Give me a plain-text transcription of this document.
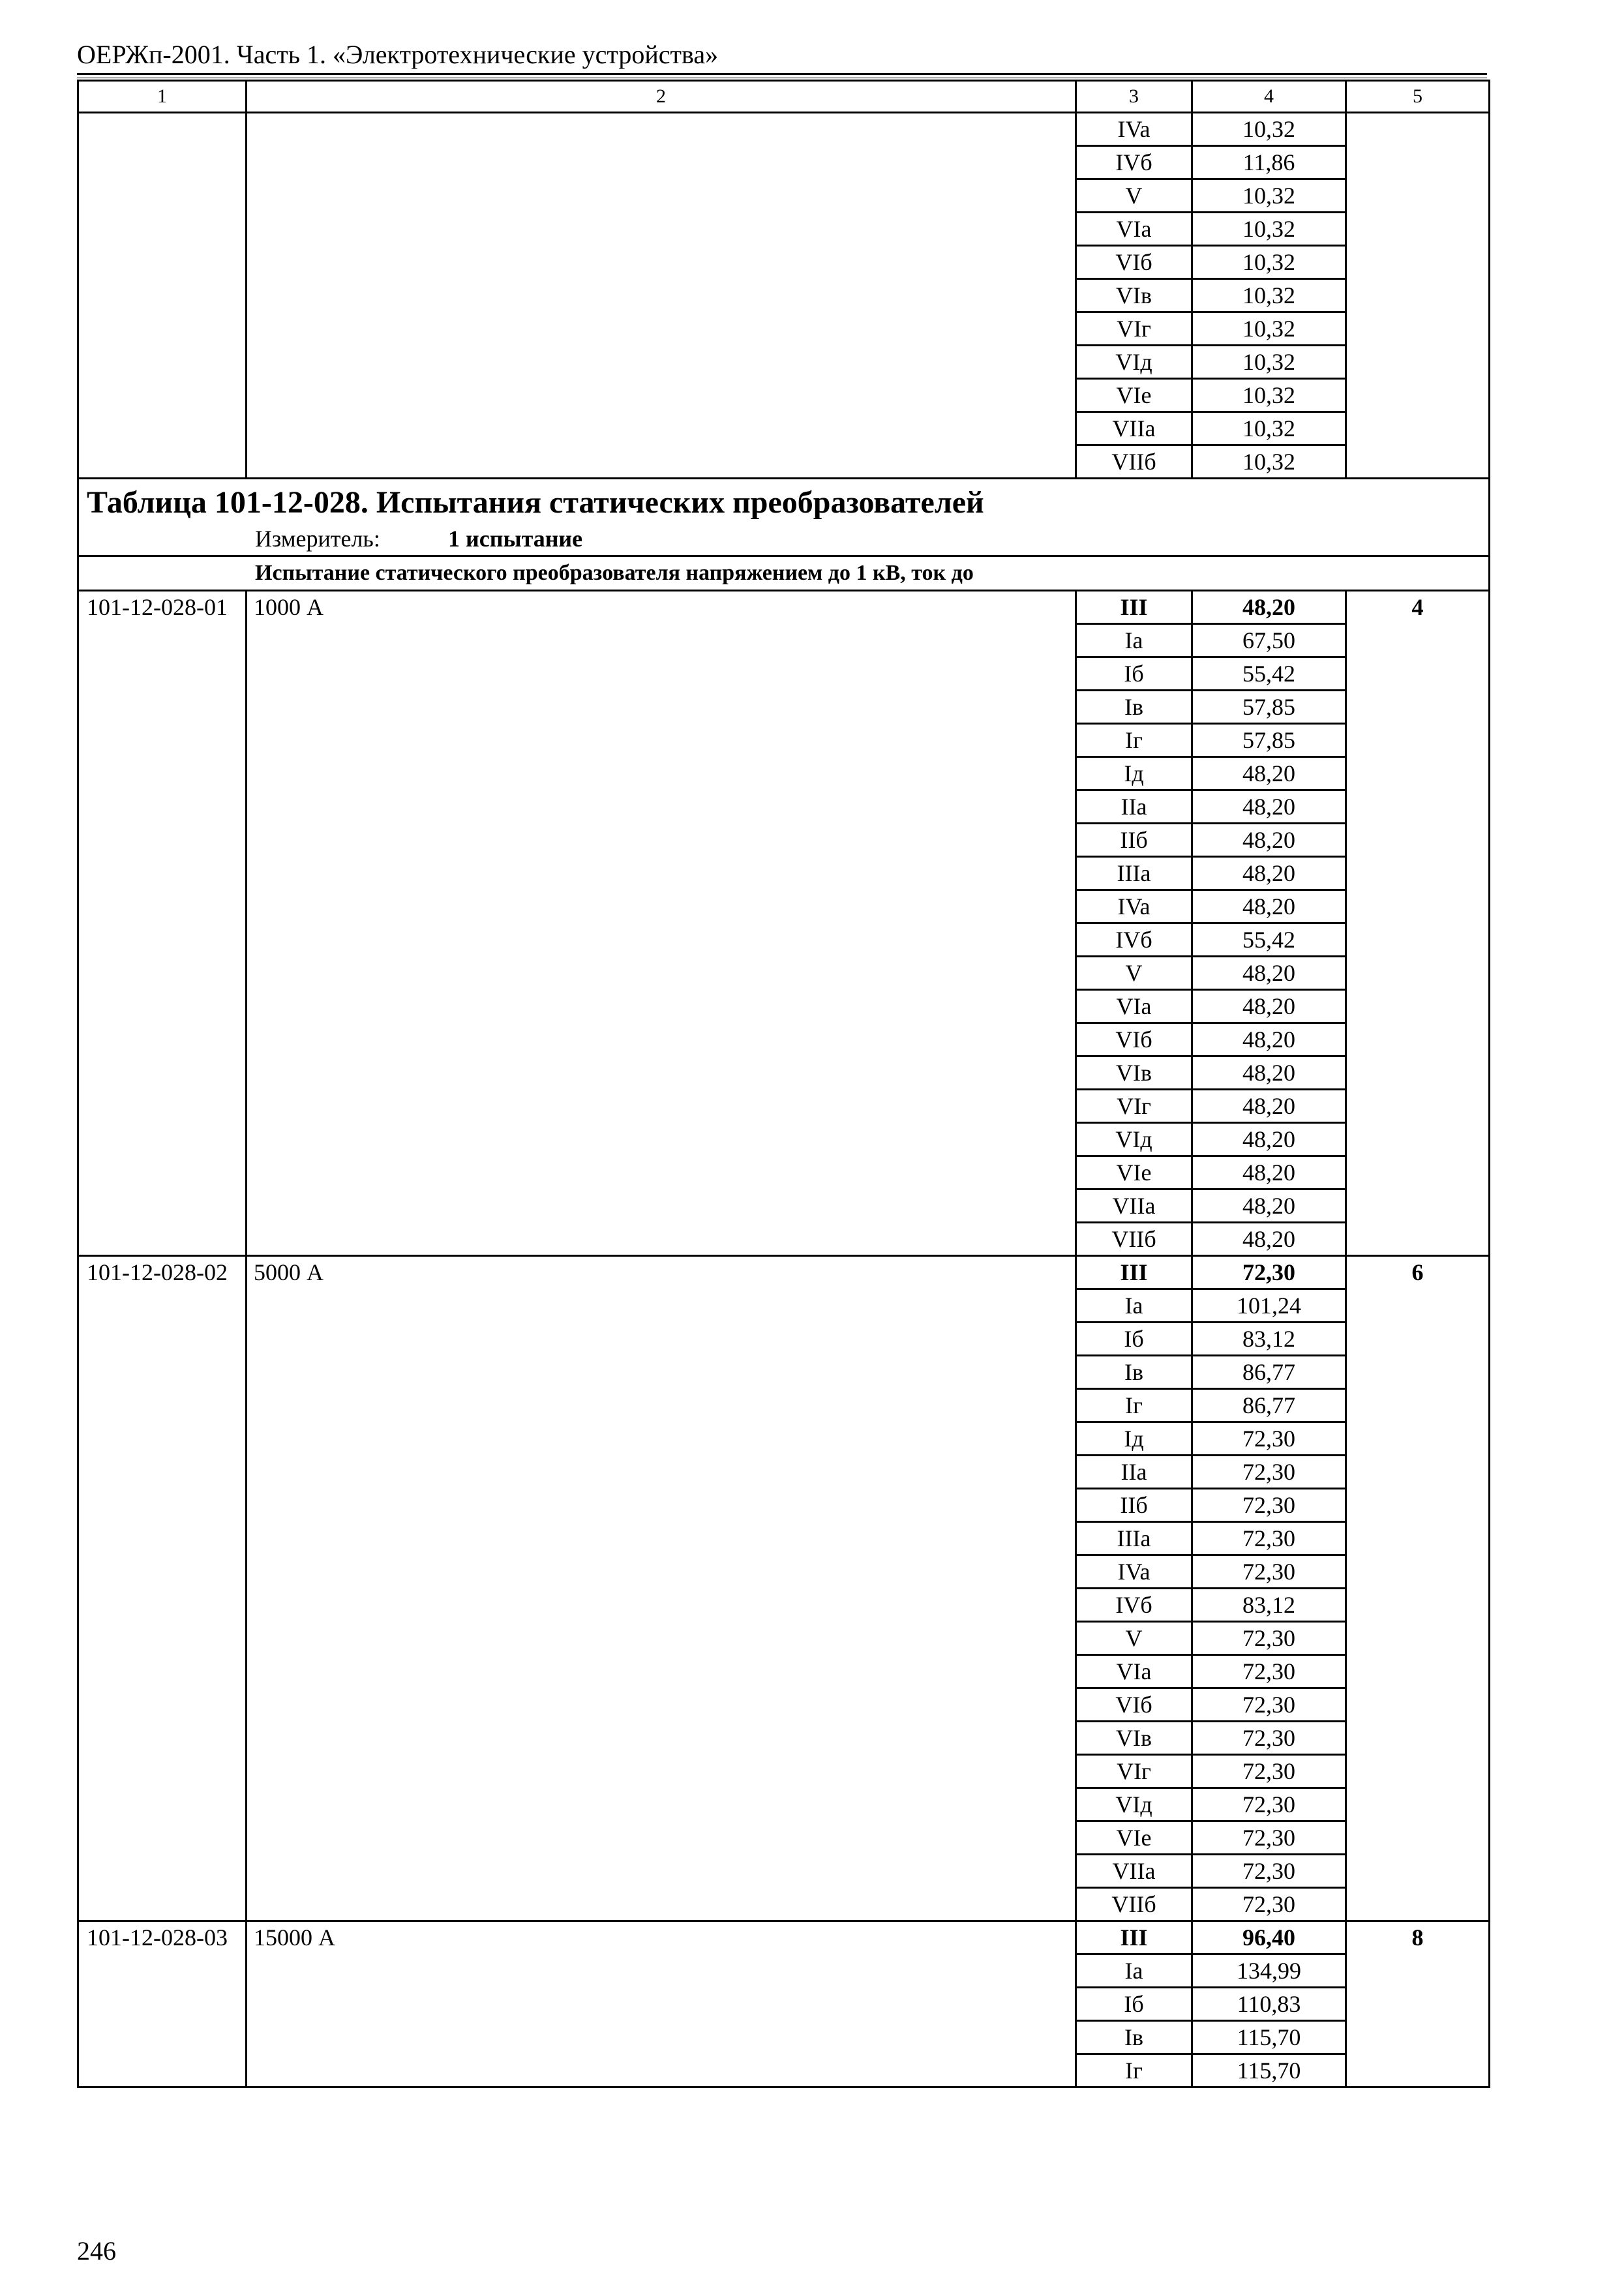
ОЕРЖп-2001. Часть 1. «Электротехнические устройства»
1	2	3	4	5
		IVa	10,32	
		IVб	11,86	
		V	10,32	
		VIa	10,32	
		VIб	10,32	
		VIв	10,32	
		VIг	10,32	
		VIд	10,32	
		VIe	10,32	
		VIIa	10,32	
		VIIб	10,32	

Таблица 101-12-028. Испытания статических преобразователей
Измеритель: 1 испытание				

Испытание статического преобразователя напряжением до 1 кВ, ток до				
101-12-028-01	1000 А	III	48,20	4
		Ia	67,50	
		Iб	55,42	
		Iв	57,85	
		Iг	57,85	
		Iд	48,20	
		IIa	48,20	
		IIб	48,20	
		IIIa	48,20	
		IVa	48,20	
		IVб	55,42	
		V	48,20	
		VIa	48,20	
		VIб	48,20	
		VIв	48,20	
		VIг	48,20	
		VIд	48,20	
		VIe	48,20	
		VIIa	48,20	
		VIIб	48,20	
101-12-028-02	5000 А	III	72,30	6
		Ia	101,24	
		Iб	83,12	
		Iв	86,77	
		Iг	86,77	
		Iд	72,30	
		IIa	72,30	
		IIб	72,30	
		IIIa	72,30	
		IVa	72,30	
		IVб	83,12	
		V	72,30	
		VIa	72,30	
		VIб	72,30	
		VIв	72,30	
		VIг	72,30	
		VIд	72,30	
		VIe	72,30	
		VIIa	72,30	
		VIIб	72,30	
101-12-028-03	15000 А	III	96,40	8
		Ia	134,99	
		Iб	110,83	
		Iв	115,70	
		Iг	115,70	
246
